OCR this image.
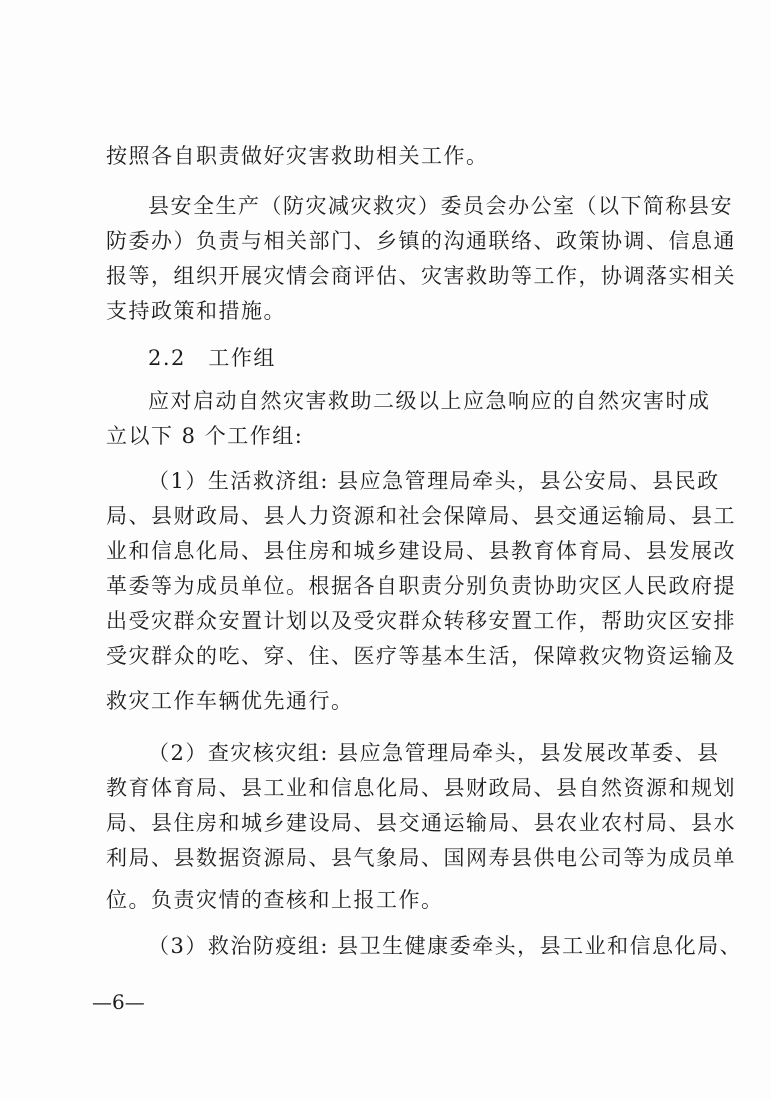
按照各自职责做好灾害救助相关工作。
县安全生产（防灾减灾救灾）委员会办公室（以下简称县安
防委办）负责与相关部门、乡镇的沟通联络、政策协调、信息通
报等，组织开展灾情会商评估、灾害救助等工作，协调落实相关
支持政策和措施。
2.2　工作组
应对启动自然灾害救助二级以上应急响应的自然灾害时成
立以下 8 个工作组:
（1）生活救济组: 县应急管理局牵头，县公安局、县民政
局、县财政局、县人力资源和社会保障局、县交通运输局、县工
业和信息化局、县住房和城乡建设局、县教育体育局、县发展改
革委等为成员单位。根据各自职责分别负责协助灾区人民政府提
出受灾群众安置计划以及受灾群众转移安置工作，帮助灾区安排
受灾群众的吃、穿、住、医疗等基本生活，保障救灾物资运输及
救灾工作车辆优先通行。
（2）查灾核灾组: 县应急管理局牵头，县发展改革委、县
教育体育局、县工业和信息化局、县财政局、县自然资源和规划
局、县住房和城乡建设局、县交通运输局、县农业农村局、县水
利局、县数据资源局、县气象局、国网寿县供电公司等为成员单
位。负责灾情的查核和上报工作。
（3）救治防疫组: 县卫生健康委牵头，县工业和信息化局、
—6—
